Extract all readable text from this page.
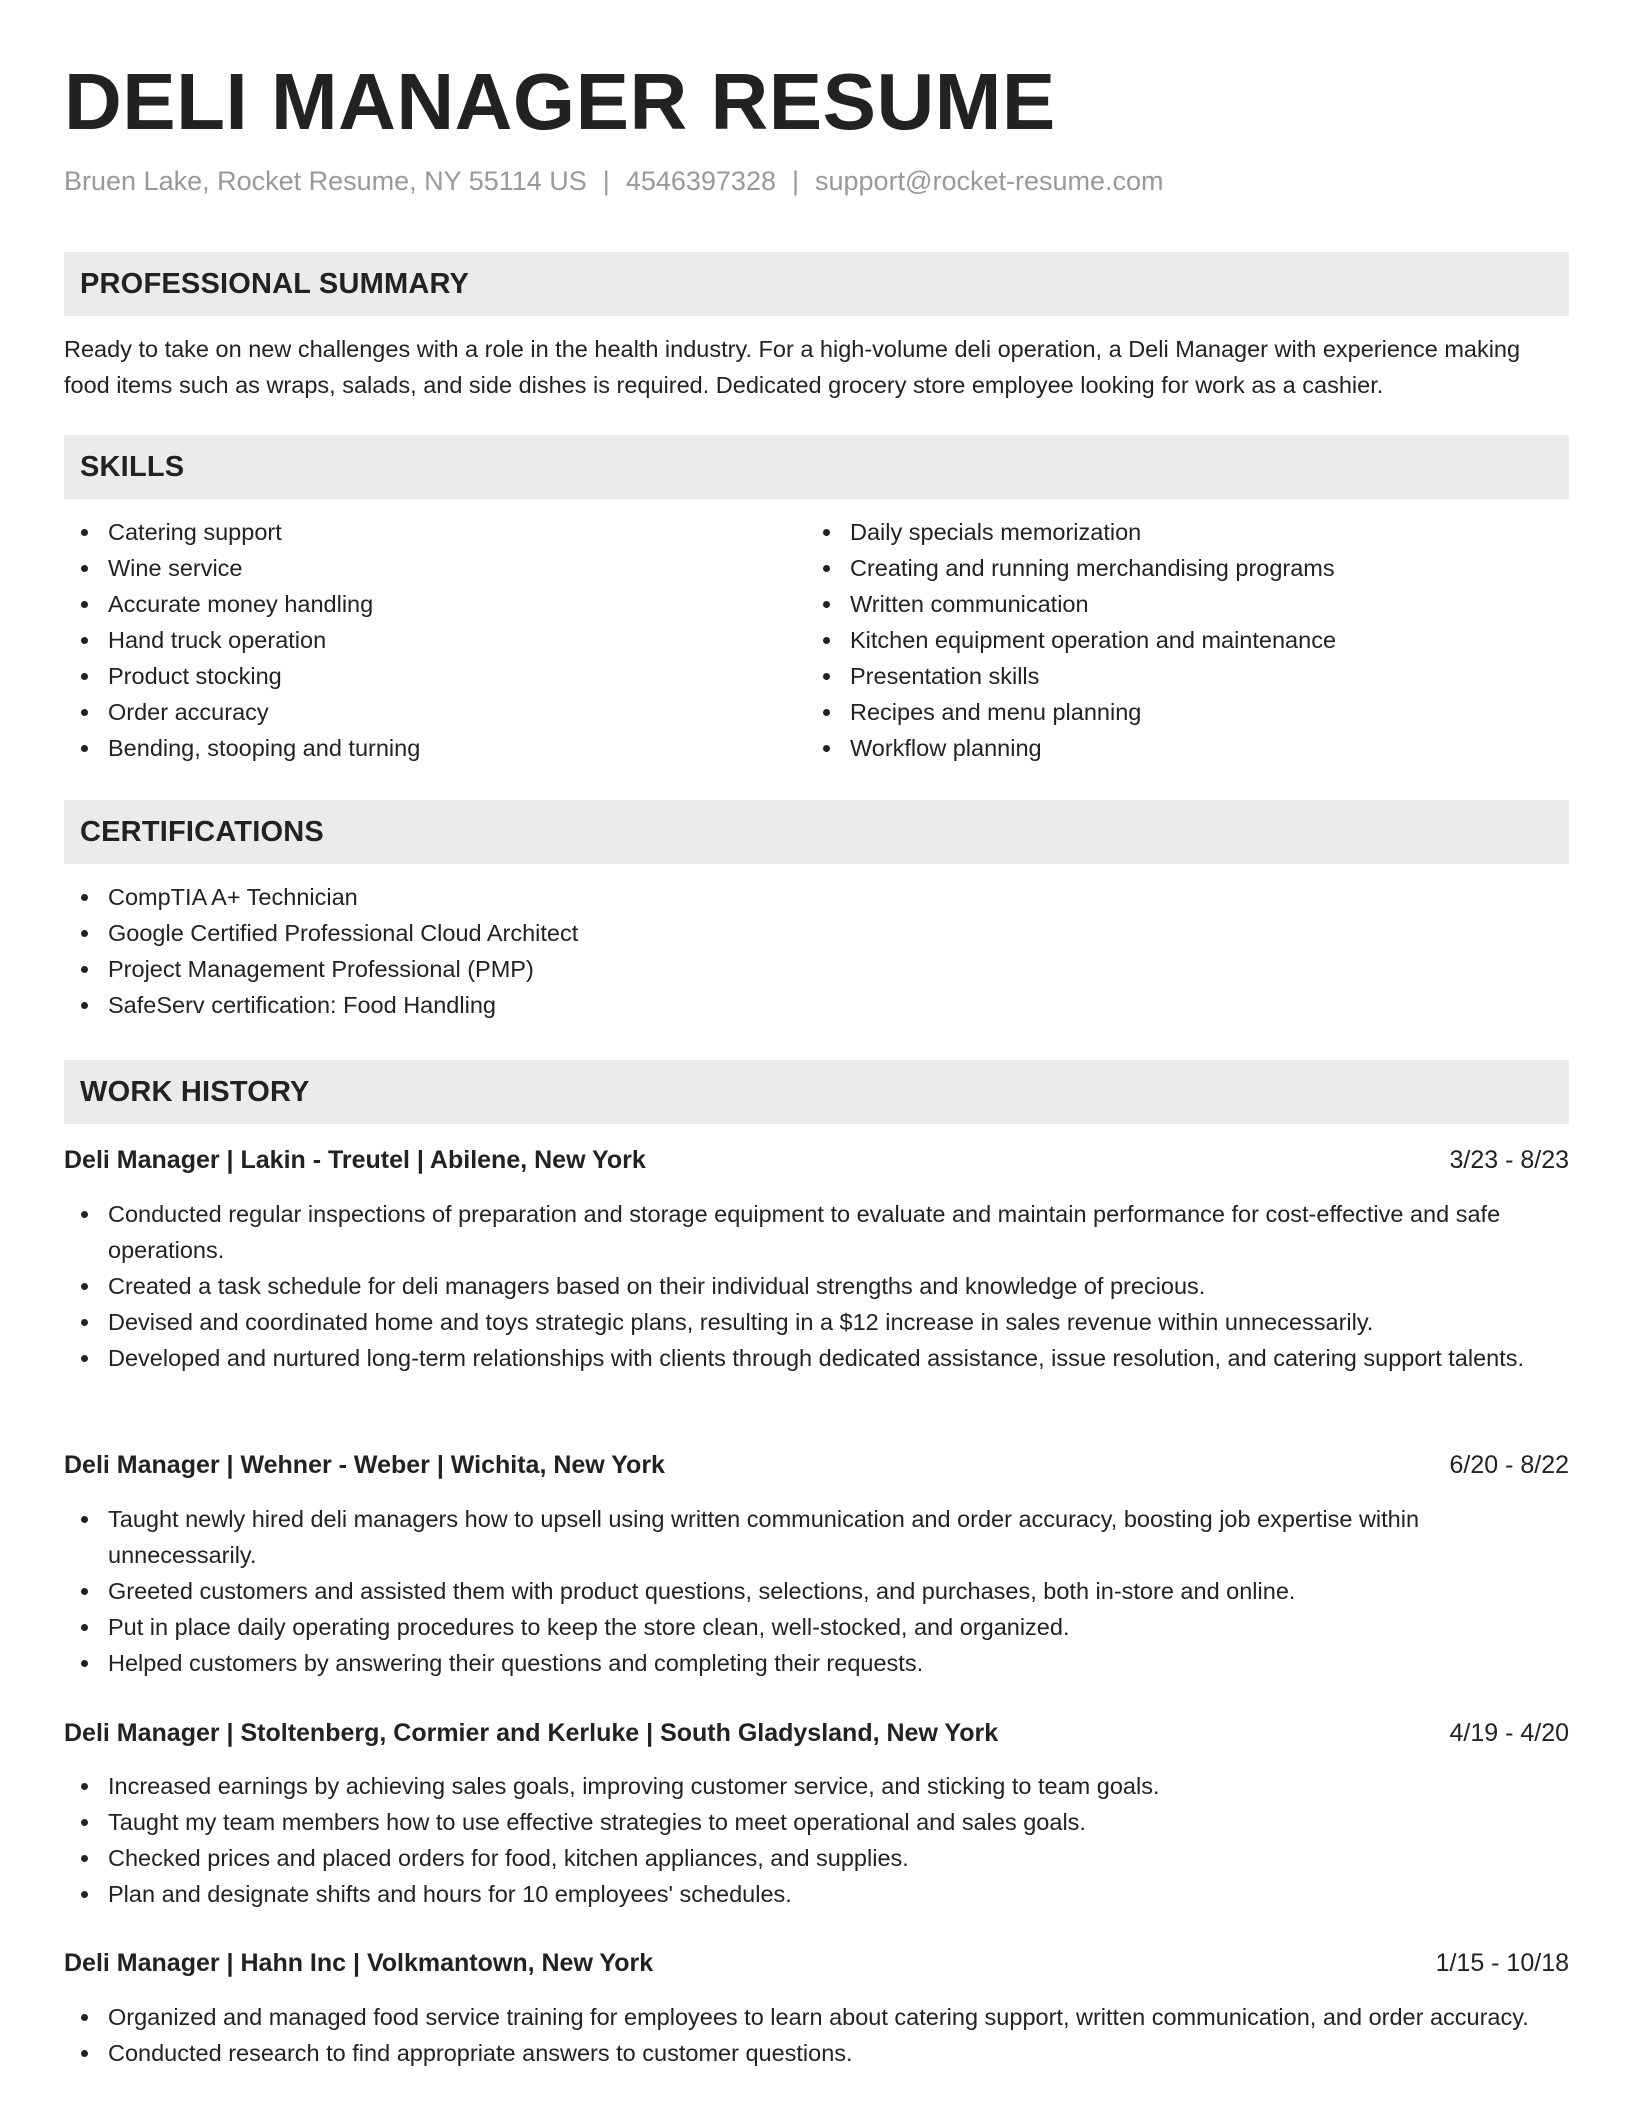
DELI MANAGER RESUME
Bruen Lake, Rocket Resume, NY 55114 US | 4546397328 | support@rocket-resume.com
PROFESSIONAL SUMMARY

Ready to take on new challenges with a role in the health industry. For a high-volume deli operation, a Deli Manager with experience making food items such as wraps, salads, and side dishes is required. Dedicated grocery store employee looking for work as a cashier.

SKILLS
Catering support
Wine service
Accurate money handling
Hand truck operation
Product stocking
Order accuracy
Bending, stooping and turning
Daily specials memorization
Creating and running merchandising programs
Written communication
Kitchen equipment operation and maintenance
Presentation skills
Recipes and menu planning
Workflow planning
CERTIFICATIONS
CompTIA A+ Technician
Google Certified Professional Cloud Architect
Project Management Professional (PMP)
SafeServ certification: Food Handling
WORK HISTORY
Deli Manager | Lakin - Treutel | Abilene, New York	3/23 - 8/23
Conducted regular inspections of preparation and storage equipment to evaluate and maintain performance for cost-effective and safe operations.
Created a task schedule for deli managers based on their individual strengths and knowledge of precious.
Devised and coordinated home and toys strategic plans, resulting in a $12 increase in sales revenue within unnecessarily.
Developed and nurtured long-term relationships with clients through dedicated assistance, issue resolution, and catering support talents.
Deli Manager | Wehner - Weber | Wichita, New York	6/20 - 8/22
Taught newly hired deli managers how to upsell using written communication and order accuracy, boosting job expertise within unnecessarily.
Greeted customers and assisted them with product questions, selections, and purchases, both in-store and online.
Put in place daily operating procedures to keep the store clean, well-stocked, and organized.
Helped customers by answering their questions and completing their requests.
Deli Manager | Stoltenberg, Cormier and Kerluke | South Gladysland, New York	4/19 - 4/20
Increased earnings by achieving sales goals, improving customer service, and sticking to team goals.
Taught my team members how to use effective strategies to meet operational and sales goals.
Checked prices and placed orders for food, kitchen appliances, and supplies.
Plan and designate shifts and hours for 10 employees' schedules.
Deli Manager | Hahn Inc | Volkmantown, New York	1/15 - 10/18
Organized and managed food service training for employees to learn about catering support, written communication, and order accuracy.
Conducted research to find appropriate answers to customer questions.
